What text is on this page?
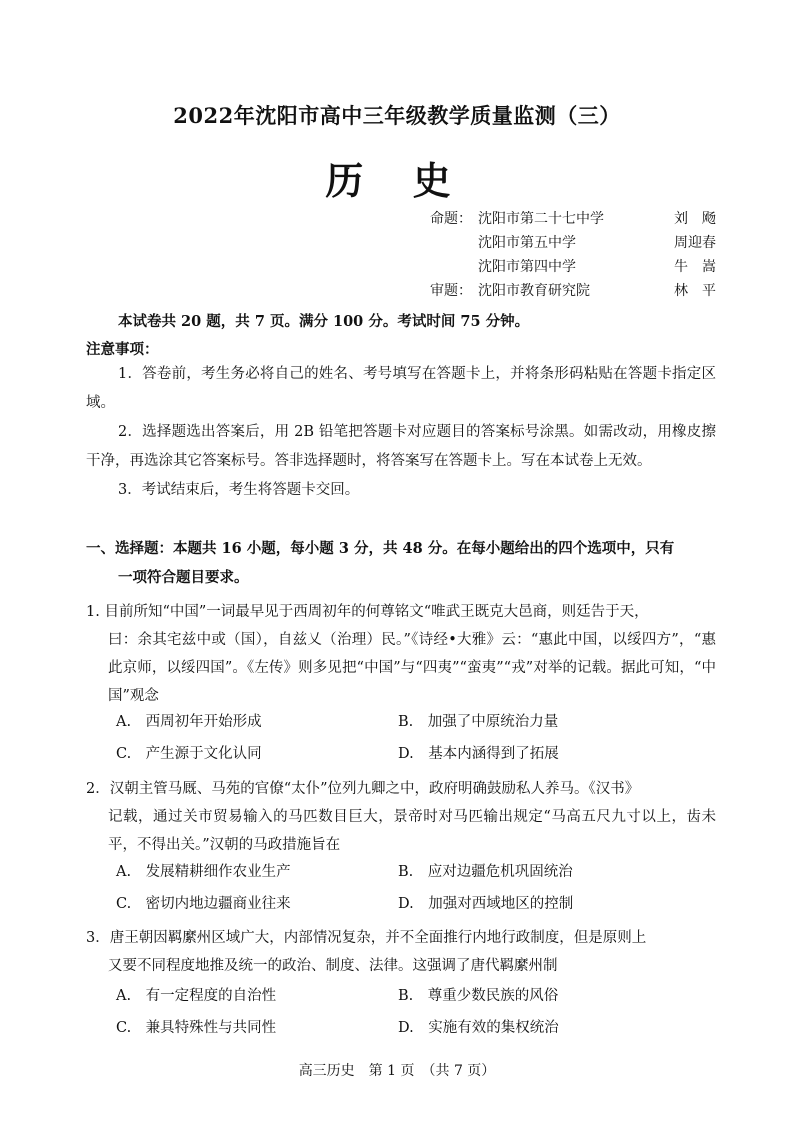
2022年沈阳市高中三年级教学质量监测（三）
历 史
命题： 沈阳市第二十七中学	刘　飏
沈阳市第五中学	周迎春
沈阳市第四中学	牛　嵩
审题： 沈阳市教育研究院	林　平
本试卷共 20 题，共 7 页。满分 100 分。考试时间 75 分钟。
注意事项：

1．答卷前，考生务必将自己的姓名、考号填写在答题卡上，并将条形码粘贴在答题卡指定区域。

2．选择题选出答案后，用 2B 铅笔把答题卡对应题目的答案标号涂黑。如需改动，用橡皮擦干净，再选涂其它答案标号。答非选择题时，将答案写在答题卡上。写在本试卷上无效。

3．考试结束后，考生将答题卡交回。

一、选择题：本题共 16 小题，每小题 3 分，共 48 分。在每小题给出的四个选项中，只有
一项符合题目要求。
1. 目前所知“中国”一词最早见于西周初年的何尊铭文“唯武王既克大邑商，则廷告于天，
曰：余其宅兹中或（国），自兹乂（治理）民。”《诗经•大雅》云：“惠此中国，以绥四方”，“惠此京师，以绥四国”。《左传》则多见把“中国”与“四夷”“蛮夷”“戎”对举的记载。据此可知，“中国”观念
A.　西周初年开始形成	B.　加强了中原统治力量
C.　产生源于文化认同	D.　基本内涵得到了拓展
2．汉朝主管马厩、马苑的官僚“太仆”位列九卿之中，政府明确鼓励私人养马。《汉书》
记载，通过关市贸易输入的马匹数目巨大，景帝时对马匹输出规定“马高五尺九寸以上，齿未平，不得出关。”汉朝的马政措施旨在
A.　发展精耕细作农业生产	B.　应对边疆危机巩固统治
C.　密切内地边疆商业往来	D.　加强对西域地区的控制
3．唐王朝因羁縻州区域广大，内部情况复杂，并不全面推行内地行政制度，但是原则上
又要不同程度地推及统一的政治、制度、法律。这强调了唐代羁縻州制
A.　有一定程度的自治性	B.　尊重少数民族的风俗
C.　兼具特殊性与共同性	D.　实施有效的集权统治
高三历史　第 1 页　（共 7 页）
